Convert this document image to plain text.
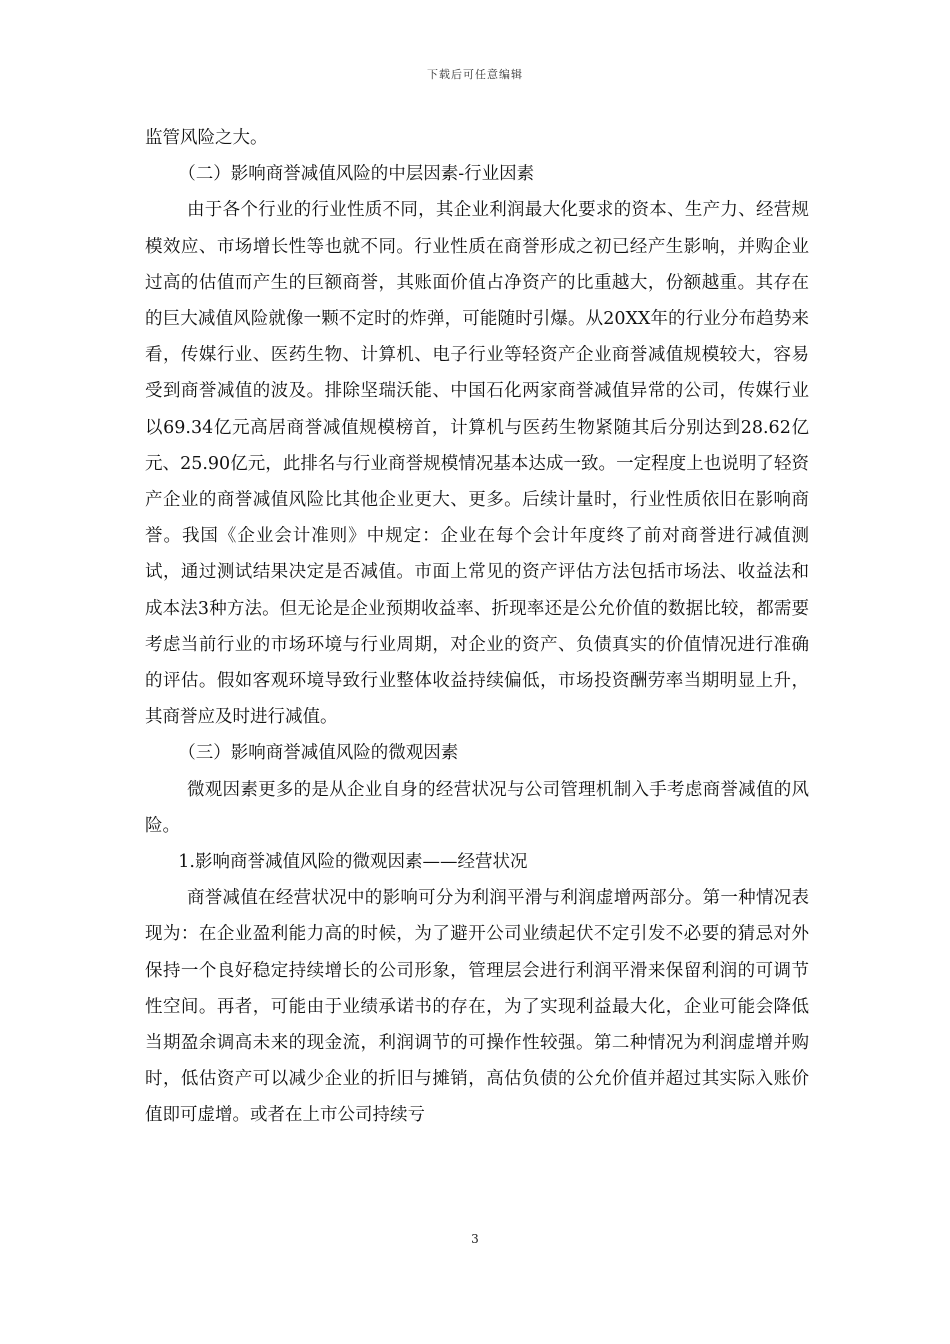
下载后可任意编辑

监管风险之大。

（二）影响商誉减值风险的中层因素-行业因素

由于各个行业的行业性质不同，其企业利润最大化要求的资本、生产力、经营规模效应、市场增长性等也就不同。行业性质在商誉形成之初已经产生影响，并购企业过高的估值而产生的巨额商誉，其账面价值占净资产的比重越大，份额越重。其存在的巨大减值风险就像一颗不定时的炸弹，可能随时引爆。从20XX年的行业分布趋势来看，传媒行业、医药生物、计算机、电子行业等轻资产企业商誉减值规模较大，容易受到商誉减值的波及。排除坚瑞沃能、中国石化两家商誉减值异常的公司，传媒行业以69.34亿元高居商誉减值规模榜首，计算机与医药生物紧随其后分别达到28.62亿元、25.90亿元，此排名与行业商誉规模情况基本达成一致。一定程度上也说明了轻资产企业的商誉减值风险比其他企业更大、更多。后续计量时，行业性质依旧在影响商誉。我国《企业会计准则》中规定：企业在每个会计年度终了前对商誉进行减值测试，通过测试结果决定是否减值。市面上常见的资产评估方法包括市场法、收益法和成本法3种方法。但无论是企业预期收益率、折现率还是公允价值的数据比较，都需要考虑当前行业的市场环境与行业周期，对企业的资产、负债真实的价值情况进行准确的评估。假如客观环境导致行业整体收益持续偏低，市场投资酬劳率当期明显上升，其商誉应及时进行减值。

（三）影响商誉减值风险的微观因素

微观因素更多的是从企业自身的经营状况与公司管理机制入手考虑商誉减值的风险。

1.影响商誉减值风险的微观因素——经营状况

商誉减值在经营状况中的影响可分为利润平滑与利润虚增两部分。第一种情况表现为：在企业盈利能力高的时候，为了避开公司业绩起伏不定引发不必要的猜忌对外保持一个良好稳定持续增长的公司形象，管理层会进行利润平滑来保留利润的可调节性空间。再者，可能由于业绩承诺书的存在，为了实现利益最大化，企业可能会降低当期盈余调高未来的现金流，利润调节的可操作性较强。第二种情况为利润虚增并购时，低估资产可以减少企业的折旧与摊销，高估负债的公允价值并超过其实际入账价值即可虚增。或者在上市公司持续亏

3
